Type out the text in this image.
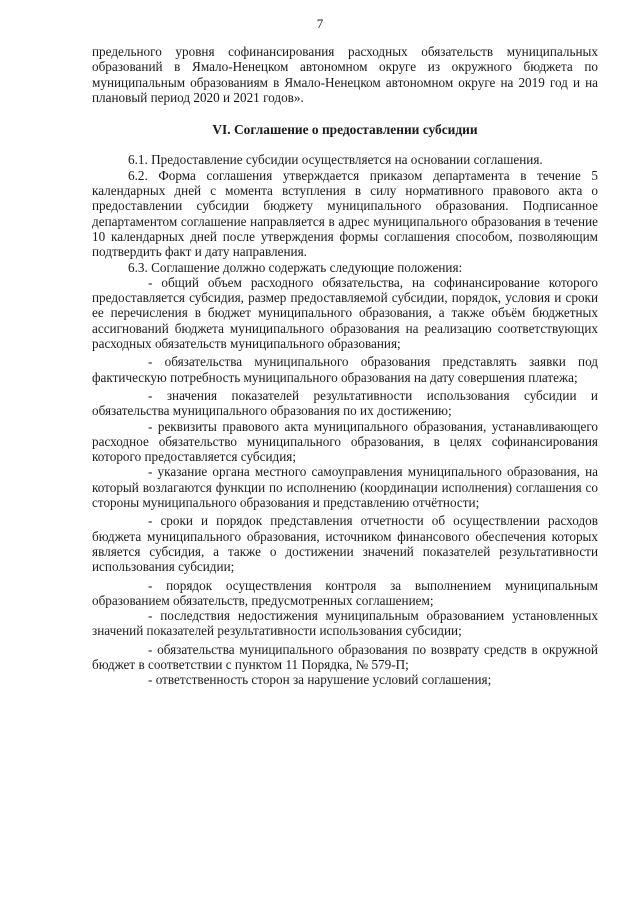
7

предельного уровня софинансирования расходных обязательств муниципальных образований в Ямало-Ненецком автономном округе из окружного бюджета по муниципальным образованиям в Ямало-Ненецком автономном округе на 2019 год и на плановый период 2020 и 2021 годов».

VI. Соглашение о предоставлении субсидии

6.1. Предоставление субсидии осуществляется на основании соглашения.

6.2. Форма соглашения утверждается приказом департамента в течение 5 календарных дней с момента вступления в силу нормативного правового акта о предоставлении субсидии бюджету муниципального образования. Подписанное департаментом соглашение направляется в адрес муниципального образования в течение 10 календарных дней после утверждения формы соглашения способом, позволяющим подтвердить факт и дату направления.

6.3. Соглашение должно содержать следующие положения:

- общий объем расходного обязательства, на софинансирование которого предоставляется субсидия, размер предоставляемой субсидии, порядок, условия и сроки ее перечисления в бюджет муниципального образования, а также объём бюджетных ассигнований бюджета муниципального образования на реализацию соответствующих расходных обязательств муниципального образования;

- обязательства муниципального образования представлять заявки под фактическую потребность муниципального образования на дату совершения платежа;

- значения показателей результативности использования субсидии и обязательства муниципального образования по их достижению;

- реквизиты правового акта муниципального образования, устанавливающего расходное обязательство муниципального образования, в целях софинансирования которого предоставляется субсидия;

- указание органа местного самоуправления муниципального образования, на который возлагаются функции по исполнению (координации исполнения) соглашения со стороны муниципального образования и представлению отчётности;

- сроки и порядок представления отчетности об осуществлении расходов бюджета муниципального образования, источником финансового обеспечения которых является субсидия, а также о достижении значений показателей результативности использования субсидии;

- порядок осуществления контроля за выполнением муниципальным образованием обязательств, предусмотренных соглашением;

- последствия недостижения муниципальным образованием установленных значений показателей результативности использования субсидии;

- обязательства муниципального образования по возврату средств в окружной бюджет в соответствии с пунктом 11 Порядка, № 579-П;

- ответственность сторон за нарушение условий соглашения;
